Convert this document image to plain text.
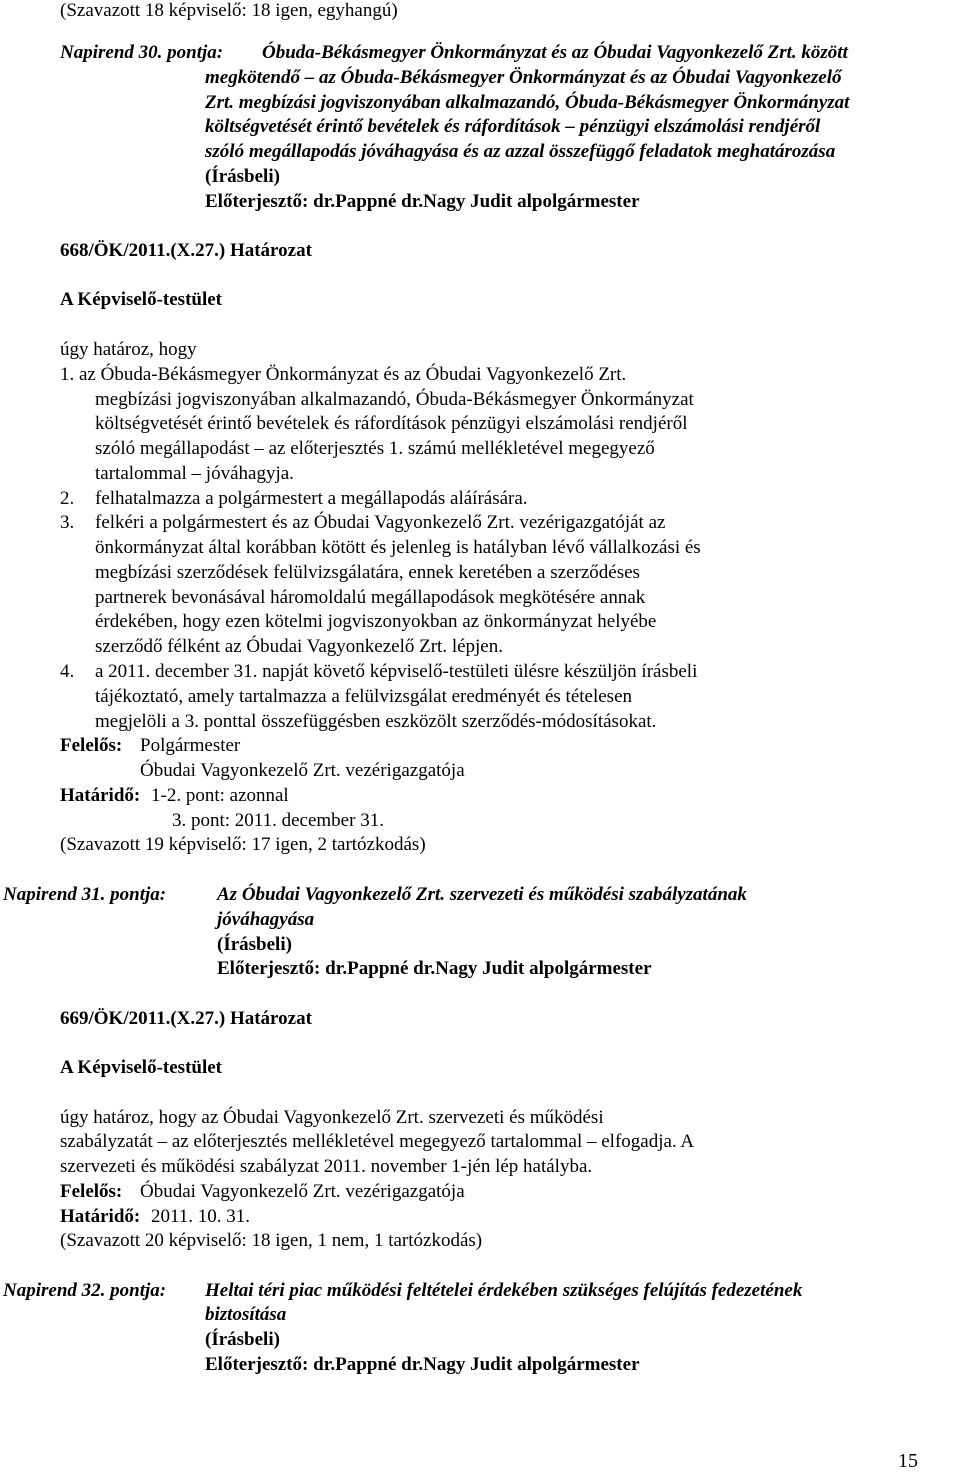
(Szavazott 18 képviselő: 18 igen, egyhangú)
Napirend 30. pontja: Óbuda-Békásmegyer Önkormányzat és az Óbudai Vagyonkezelő Zrt. között
megkötendő – az Óbuda-Békásmegyer Önkormányzat és az Óbudai Vagyonkezelő
Zrt. megbízási jogviszonyában alkalmazandó, Óbuda-Békásmegyer Önkormányzat
költségvetését érintő bevételek és ráfordítások – pénzügyi elszámolási rendjéről
szóló megállapodás jóváhagyása és az azzal összefüggő feladatok meghatározása
(Írásbeli)
Előterjesztő: dr.Pappné dr.Nagy Judit alpolgármester
668/ÖK/2011.(X.27.) Határozat
A Képviselő-testület
úgy határoz, hogy
1. az Óbuda-Békásmegyer Önkormányzat és az Óbudai Vagyonkezelő Zrt.
megbízási jogviszonyában alkalmazandó, Óbuda-Békásmegyer Önkormányzat
költségvetését érintő bevételek és ráfordítások pénzügyi elszámolási rendjéről
szóló megállapodást – az előterjesztés 1. számú mellékletével megegyező
tartalommal – jóváhagyja.
2. felhatalmazza a polgármestert a megállapodás aláírására.
3. felkéri a polgármestert és az Óbudai Vagyonkezelő Zrt. vezérigazgatóját az
önkormányzat által korábban kötött és jelenleg is hatályban lévő vállalkozási és
megbízási szerződések felülvizsgálatára, ennek keretében a szerződéses
partnerek bevonásával háromoldalú megállapodások megkötésére annak
érdekében, hogy ezen kötelmi jogviszonyokban az önkormányzat helyébe
szerződő félként az Óbudai Vagyonkezelő Zrt. lépjen.
4. a 2011. december 31. napját követő képviselő-testületi ülésre készüljön írásbeli
tájékoztató, amely tartalmazza a felülvizsgálat eredményét és tételesen
megjelöli a 3. ponttal összefüggésben eszközölt szerződés-módosításokat.
Felelős: Polgármester
Óbudai Vagyonkezelő Zrt. vezérigazgatója
Határidő: 1-2. pont: azonnal
3. pont: 2011. december 31.
(Szavazott 19 képviselő: 17 igen, 2 tartózkodás)
Napirend 31. pontja:	Az Óbudai Vagyonkezelő Zrt. szervezeti és működési szabályzatának
jóváhagyása
(Írásbeli)
Előterjesztő: dr.Pappné dr.Nagy Judit alpolgármester
669/ÖK/2011.(X.27.) Határozat
A Képviselő-testület
úgy határoz, hogy az Óbudai Vagyonkezelő Zrt. szervezeti és működési
szabályzatát – az előterjesztés mellékletével megegyező tartalommal – elfogadja. A
szervezeti és működési szabályzat 2011. november 1-jén lép hatályba.
Felelős: Óbudai Vagyonkezelő Zrt. vezérigazgatója
Határidő: 2011. 10. 31.
(Szavazott 20 képviselő: 18 igen, 1 nem, 1 tartózkodás)
Napirend 32. pontja: Heltai téri piac működési feltételei érdekében szükséges felújítás fedezetének
biztosítása
(Írásbeli)
Előterjesztő: dr.Pappné dr.Nagy Judit alpolgármester
15
